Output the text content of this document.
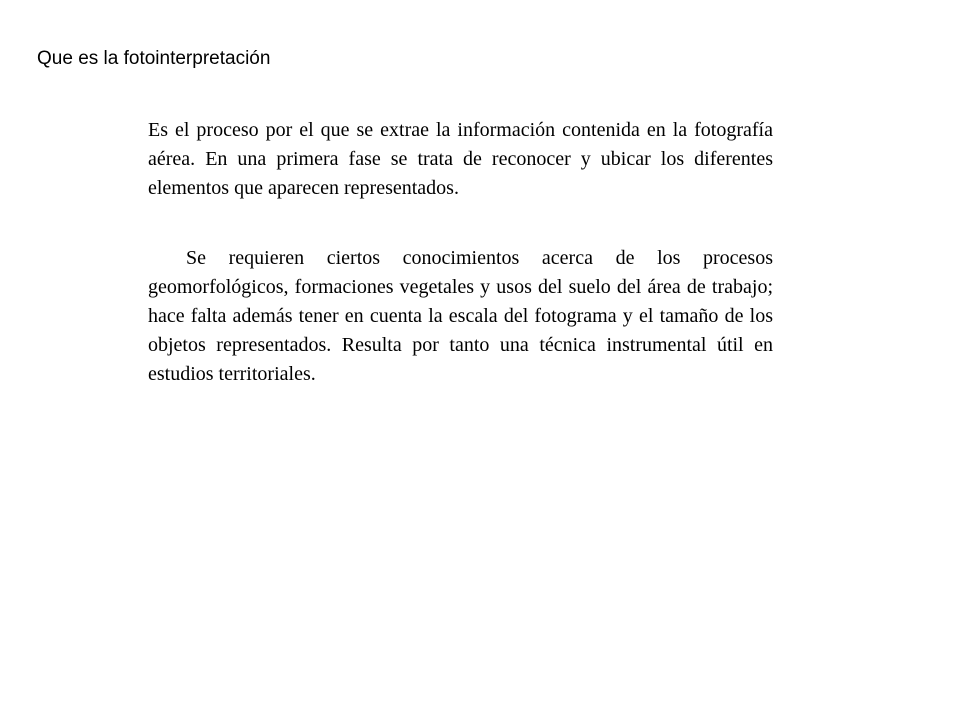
Que es la fotointerpretación

Es el proceso por el que se extrae la información contenida en la fotografía aérea. En una primera fase se trata de reconocer y ubicar los diferentes elementos que aparecen representados.

Se requieren ciertos conocimientos acerca de los procesos geomorfológicos, formaciones vegetales y usos del suelo del área de trabajo; hace falta además tener en cuenta la escala del fotograma y el tamaño de los objetos representados. Resulta por tanto una técnica instrumental útil en estudios territoriales.
